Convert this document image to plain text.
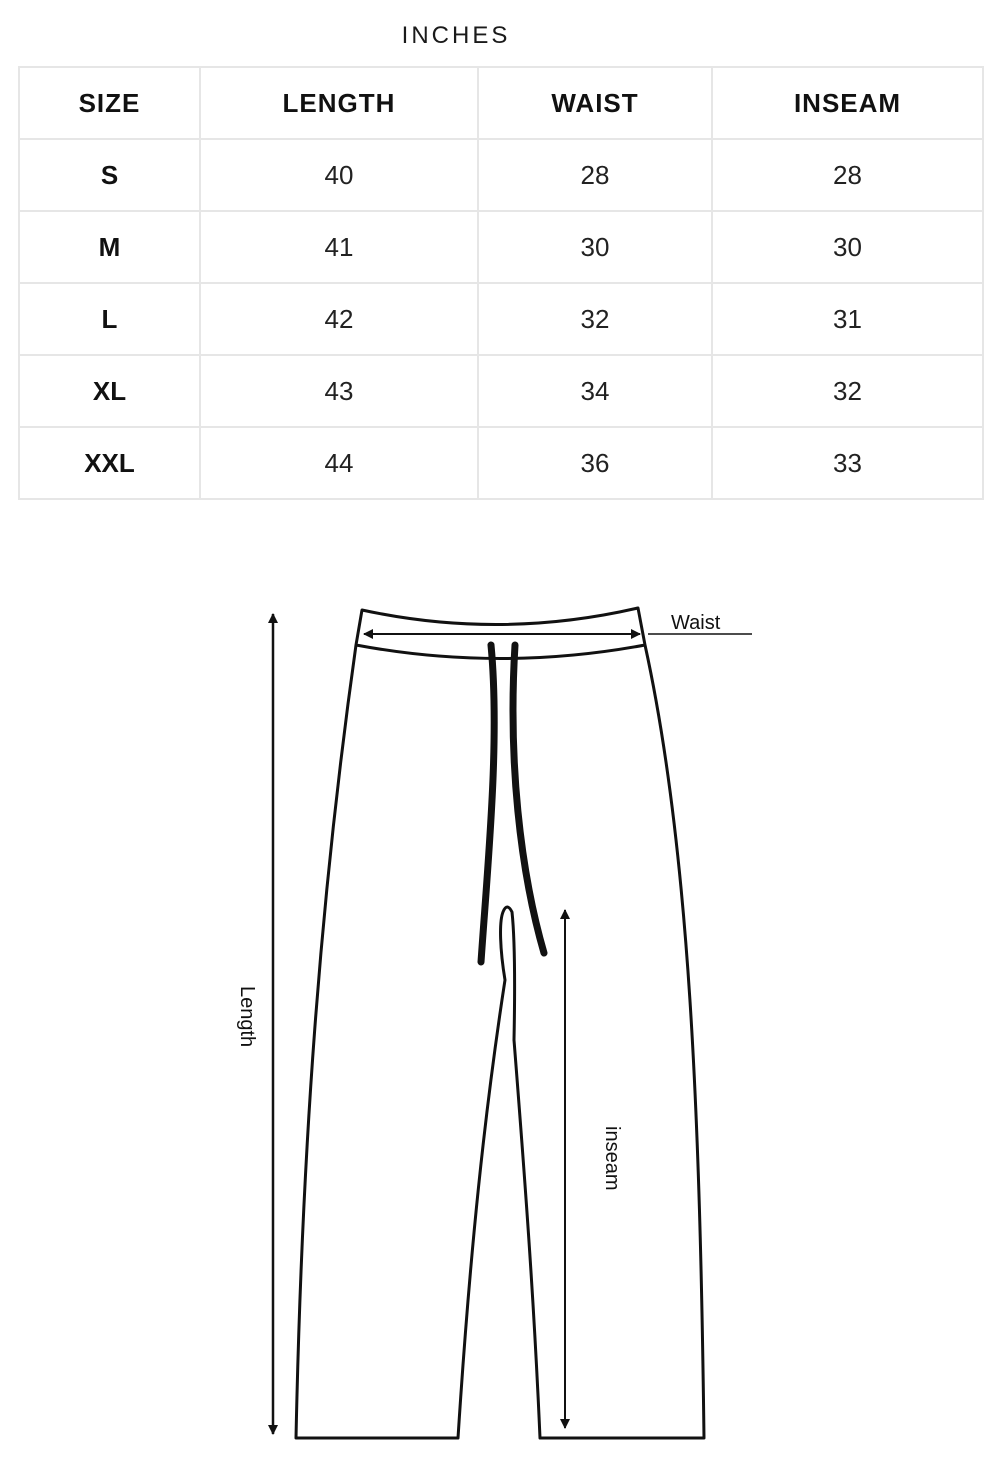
INCHES
SIZE	LENGTH	WAIST	INSEAM
S	40	28	28
M	41	30	30
L	42	32	31
XL	43	34	32
XXL	44	36	33
Waist
Length
inseam
